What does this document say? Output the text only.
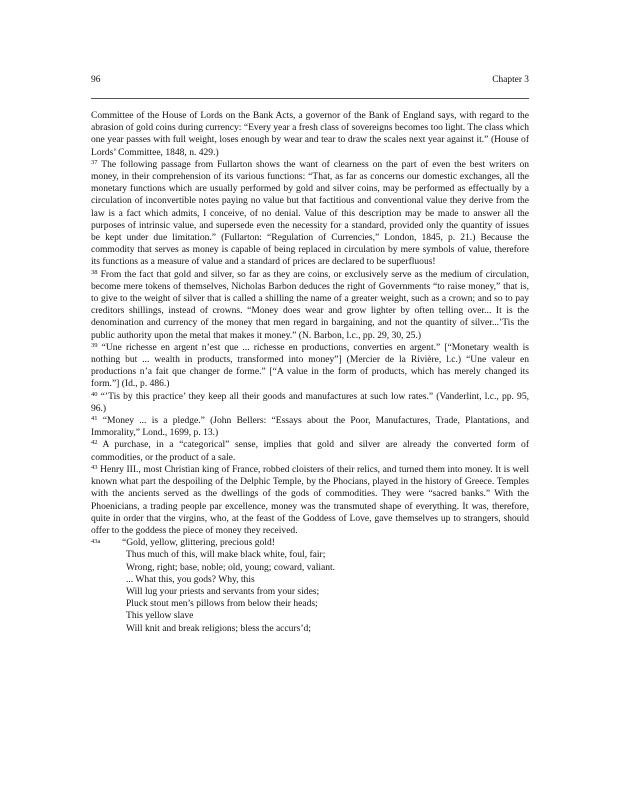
96	Chapter 3

Committee of the House of Lords on the Bank Acts, a governor of the Bank of England says, with regard to the abrasion of gold coins during currency: “Every year a fresh class of sovereigns becomes too light. The class which one year passes with full weight, loses enough by wear and tear to draw the scales next year against it.” (House of Lords’ Committee, 1848, n. 429.)

$^{37}$ The following passage from Fullarton shows the want of clearness on the part of even the best writers on money, in their comprehension of its various functions: “That, as far as concerns our domestic exchanges, all the monetary functions which are usually performed by gold and silver coins, may be performed as effectually by a circulation of inconvertible notes paying no value but that factitious and conventional value they derive from the law is a fact which admits, I conceive, of no denial. Value of this description may be made to answer all the purposes of intrinsic value, and supersede even the necessity for a standard, provided only the quantity of issues be kept under due limitation.” (Fullarton: “Regulation of Currencies,” London, 1845, p. 21.) Because the commodity that serves as money is capable of being replaced in circulation by mere symbols of value, therefore its functions as a measure of value and a standard of prices are declared to be superfluous!

$^{38}$ From the fact that gold and silver, so far as they are coins, or exclusively serve as the medium of circulation, become mere tokens of themselves, Nicholas Barbon deduces the right of Governments “to raise money,” that is, to give to the weight of silver that is called a shilling the name of a greater weight, such as a crown; and so to pay creditors shillings, instead of crowns. “Money does wear and grow lighter by often telling over... It is the denomination and currency of the money that men regard in bargaining, and not the quantity of silver...’Tis the public authority upon the metal that makes it money.” (N. Barbon, l.c., pp. 29, 30, 25.)

$^{39}$ “Une richesse en argent n’est que ... richesse en productions, converties en argent.” [“Monetary wealth is nothing but ... wealth in products, transformed into money”] (Mercier de la Rivière, l.c.) “Une valeur en productions n’a fait que changer de forme.” [“A value in the form of products, which has merely changed its form.”] (Id., p. 486.)

$^{40}$ “’Tis by this practice’ they keep all their goods and manufactures at such low rates.” (Vanderlint, l.c., pp. 95, 96.)

$^{41}$ “Money ... is a pledge.” (John Bellers: “Essays about the Poor, Manufactures, Trade, Plantations, and Immorality,” Lond., 1699, p. 13.)

$^{42}$ A purchase, in a “categorical” sense, implies that gold and silver are already the converted form of commodities, or the product of a sale.

$^{43}$ Henry III., most Christian king of France, robbed cloisters of their relics, and turned them into money. It is well known what part the despoiling of the Delphic Temple, by the Phocians, played in the history of Greece. Temples with the ancients served as the dwellings of the gods of commodities. They were “sacred banks.” With the Phoenicians, a trading people par excellence, money was the transmuted shape of everything. It was, therefore, quite in order that the virgins, who, at the feast of the Goddess of Love, gave themselves up to strangers, should offer to the goddess the piece of money they received.

43a	“Gold, yellow, glittering, precious gold!
Thus much of this, will make black white, foul, fair;
Wrong, right; base, noble; old, young; coward, valiant.
... What this, you gods? Why, this
Will lug your priests and servants from your sides;
Pluck stout men’s pillows from below their heads;
This yellow slave
Will knit and break religions; bless the accurs’d;
